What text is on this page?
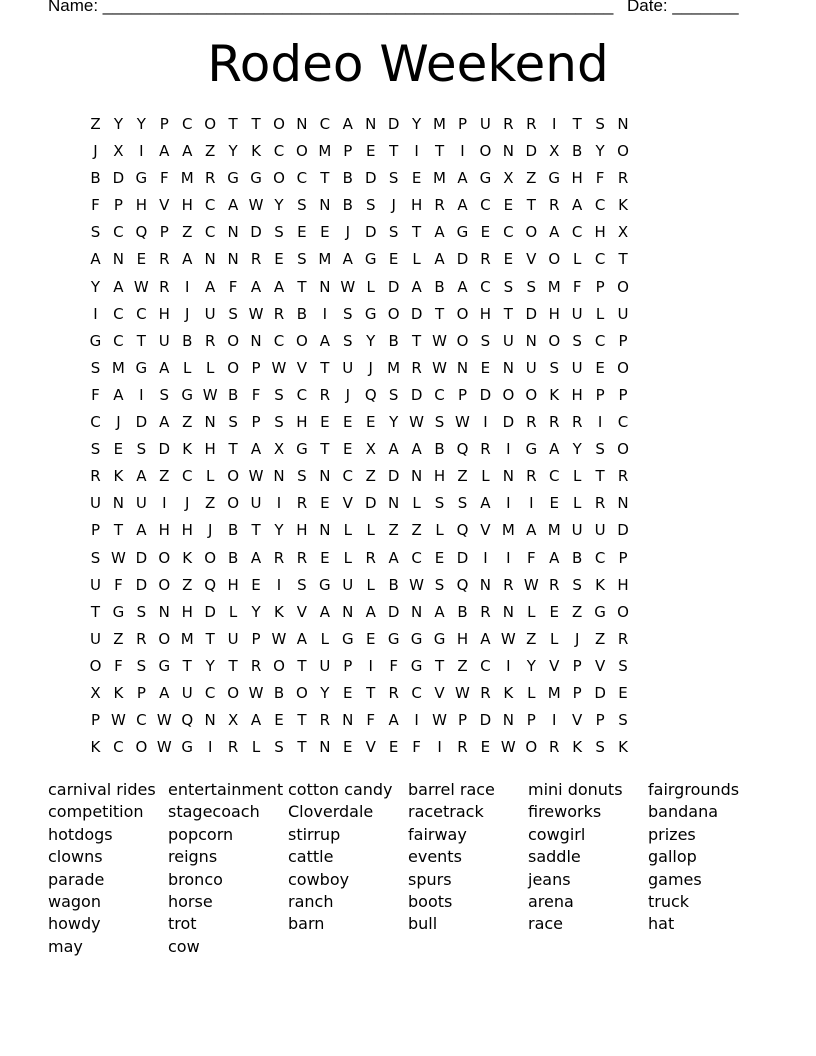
Name: ______________________________________________________ Date: _______
Rodeo Weekend
Z Y Y P C O T T O N C A N D Y M P U R R	I	T S N
J	X	I	A A Z Y K C O M P E T	I	T	I O N D X B Y O
B D G F M R G G O C T B D S E M A G X Z G H F R
F P H V H C A W Y S N B S	J	H R A C E T R A C K
S C Q P Z C N D S E E	J D S T A G E C O A C H X
A N E R A N N R E S M A G E L A D R E V O L C T
Y A W R	I	A F A A T N W L D A B A C S S M F P O
I	C C H	J	U S W R B	I	S G O D T O H T D H U L U
G C T U B R O N C O A S Y B T W O S U N O S C P
S M G A L L O P W V T U	J M R W N E N U S U E O
F A	I	S G W B F S C R	J Q S D C P D O O K H P P
C	J D A Z N S P S H E E E Y W S W I D R R R	I	C
S E S D K H T A X G T E X A A B Q R	I G A Y S O
R K A Z C L O W N S N C Z D N H Z L N R C L T R
U N U	I	J	Z O U	I	R E V D N L S S A	I	I	E L R N
P T A H H	J	B T Y H N L L Z Z L Q V M A M U U D
S W D O K O B A R R E L R A C E D I	I	F A B C P
U F D O Z Q H E	I	S G U L B W S Q N R W R S K H
T G S N H D L Y K V A N A D N A B R N L E Z G O
U Z R O M T U P W A L G E G G G H A W Z L	J	Z R
O F S G T Y T R O T U P	I	F G T Z C	I	Y V P V S
X K P A U C O W B O Y E T R C V W R K L M P D E
P W C W Q N X A E T R N F A	I W P D N P	I	V P S
K C O W G I	R L S T N E V E F	I	R E W O R K S K
carnival rides
competition
hotdogs
clowns
parade
wagon
howdy
may
entertainment
stagecoach
popcorn
reigns
bronco
horse
trot
cow
cotton candy
Cloverdale
stirrup
cattle
cowboy
ranch
barn
barrel race
racetrack
fairway
events
spurs
boots
bull
mini donuts
fireworks
cowgirl
saddle
jeans
arena
race
fairgrounds
bandana
prizes
gallop
games
truck
hat
